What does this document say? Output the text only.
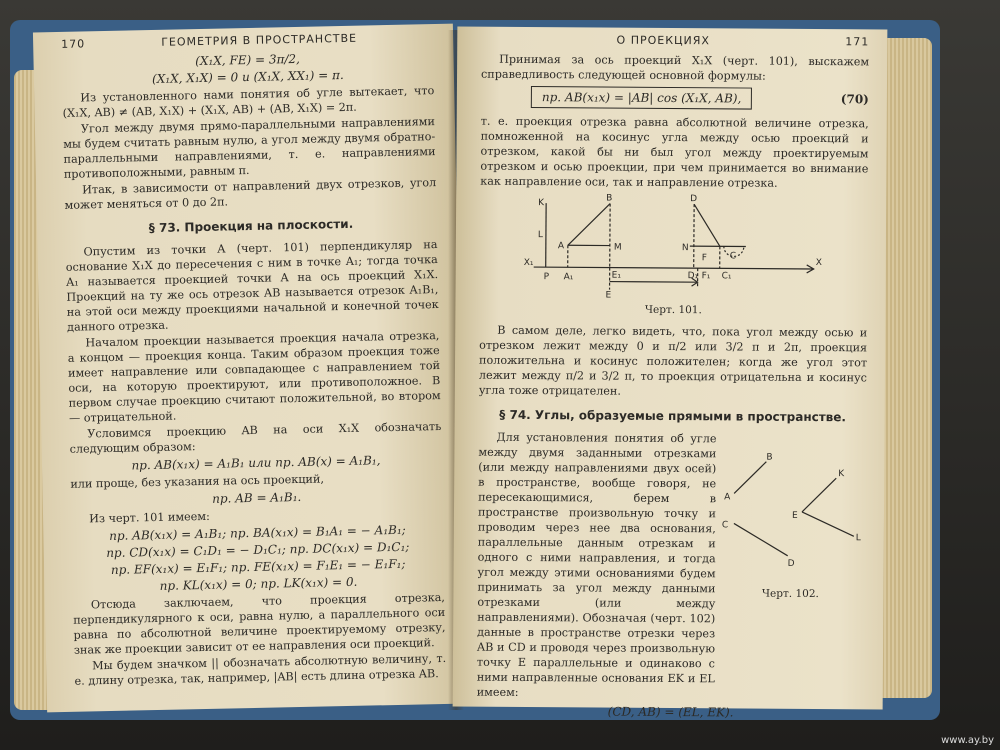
170	ГЕОМЕТРИЯ В ПРОСТРАНСТВЕ
(X₁X, FE) = 3π/2,
(X₁X, X₁X) = 0 и (X₁X, XX₁) = π.

Из установленного нами понятия об угле вытекает, что (X₁X, AB) ≠ (AB, X₁X) + (X₁X, AB) + (AB, X₁X) = 2π.

Угол между двумя прямо-параллельными направлениями мы будем считать равным нулю, а угол между двумя обратно-параллельными направлениями, т. е. направлениями противоположными, равным π.

Итак, в зависимости от направлений двух отрезков, угол может меняться от 0 до 2π.

§ 73. Проекция на плоскости.

Опустим из точки A (черт. 101) перпендикуляр на основание X₁X до пересечения с ним в точке A₁; тогда точка A₁ называется проекцией точки A на ось проекций X₁X. Проекций на ту же ось отрезок AB называется отрезок A₁B₁, на этой оси между проекциями начальной и конечной точек данного отрезка.

Началом проекции называется проекция начала отрезка, а концом — проекция конца. Таким образом проекция тоже имеет направление или совпадающее с направлением той оси, на которую проектируют, или противоположное. В первом случае проекцию считают положительной, во втором — отрицательной.

Условимся проекцию AB на оси X₁X обозначать следующим образом:

пр. AB(x₁x) = A₁B₁ или пр. AB(x) = A₁B₁,

или проще, без указания на ось проекций,

пр. AB = A₁B₁.

Из черт. 101 имеем:

пр. AB(x₁x) = A₁B₁; пр. BA(x₁x) = B₁A₁ = − A₁B₁;
пр. CD(x₁x) = C₁D₁ = − D₁C₁; пр. DC(x₁x) = D₁C₁;
пр. EF(x₁x) = E₁F₁; пр. FE(x₁x) = F₁E₁ = − E₁F₁;
пр. KL(x₁x) = 0; пр. LK(x₁x) = 0.

Отсюда заключаем, что проекция отрезка, перпендикулярного к оси, равна нулю, а параллельного оси равна по абсолютной величине проектируемому отрезку, знак же проекции зависит от ее направления оси проекций.

Мы будем значком || обозначать абсолютную величину, т. е. длину отрезка, так, например, |AB| есть длина отрезка AB.

О ПРОЕКЦИЯХ	171

Принимая за ось проекций X₁X (черт. 101), выскажем справедливость следующей основной формулы:

пр. AB(x₁x) = |AB| cos (X₁X, AB),	(70)

т. е. проекция отрезка равна абсолютной величине отрезка, помноженной на косинус угла между осью проекций и отрезком, какой бы ни был угол между проектируемым отрезком и осью проекции, при чем принимается во внимание как направление оси, так и направление отрезка.

K
L
A	M
B	D
N
C
F
X₁
P A₁	E₁	F₁
D₁	C₁
E
X
Черт. 101.

В самом деле, легко видеть, что, пока угол между осью и отрезком лежит между 0 и π/2 или 3/2 π и 2π, проекция положительна и косинус положителен; когда же угол этот лежит между π/2 и 3/2 π, то проекция отрицательна и косинус угла тоже отрицателен.

§ 74. Углы, образуемые прямыми в пространстве.

Для установления понятия об угле между двумя заданными отрезками (или между направлениями двух осей) в пространстве, вообще говоря, не пересекающимися, берем в пространстве произвольную точку и проводим через нее два основания, параллельные данным отрезкам и одного с ними направления, и тогда угол между этими основаниями будем принимать за угол между данными отрезками (или между направлениями). Обозначая (черт. 102) данные в пространстве отрезки через AB и CD и проводя через произвольную точку E параллельные и одинаково с ними направленные основания EK и EL имеем:

A
B
C
D
E
K
L
Черт. 102.
(CD, AB) = (EL, EK).
www.ay.by
